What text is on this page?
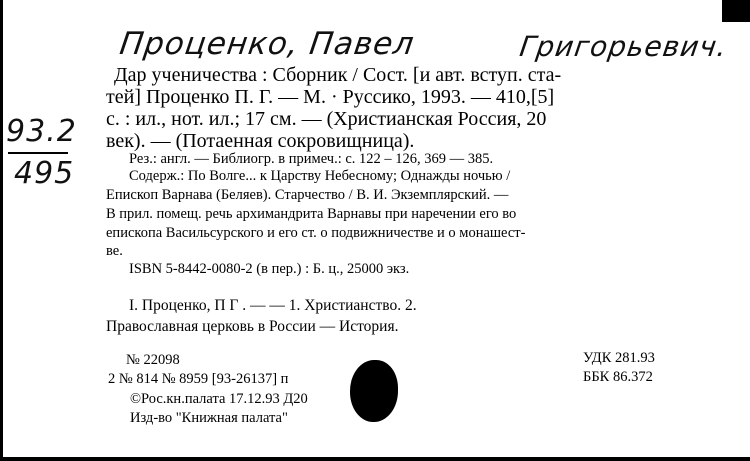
Проценко, Павел	Григорьевич.
93.2
495
Дар ученичества : Сборник / Сост. [и авт. вступ. ста-
тей] Проценко П. Г. — М. · Руссико, 1993. — 410,[5]
с. : ил., нот. ил.; 17 см. — (Христианская Россия, 20
век). — (Потаенная сокровищница).
Рез.: англ. — Библиогр. в примеч.: с. 122 – 126, 369 — 385.
Содерж.: По Волге... к Царству Небесному; Однажды ночью /
Епископ Варнава (Беляев). Старчество / В. И. Экземплярский. —
В прил. помещ. речь архимандрита Варнавы при наречении его во
епископа Васильсурского и его ст. о подвижничестве и о монашест-
ве.
ISBN 5-8442-0080-2 (в пер.) : Б. ц., 25000 экз.
I. Проценко, П Г . — — 1. Христианство. 2.
Православная церковь в России — История.
№ 22098	УДК 281.93
2 № 814 № 8959 [93-26137] п	ББК 86.372
©Рос.кн.палата 17.12.93 Д20
Изд-во "Книжная палата"
